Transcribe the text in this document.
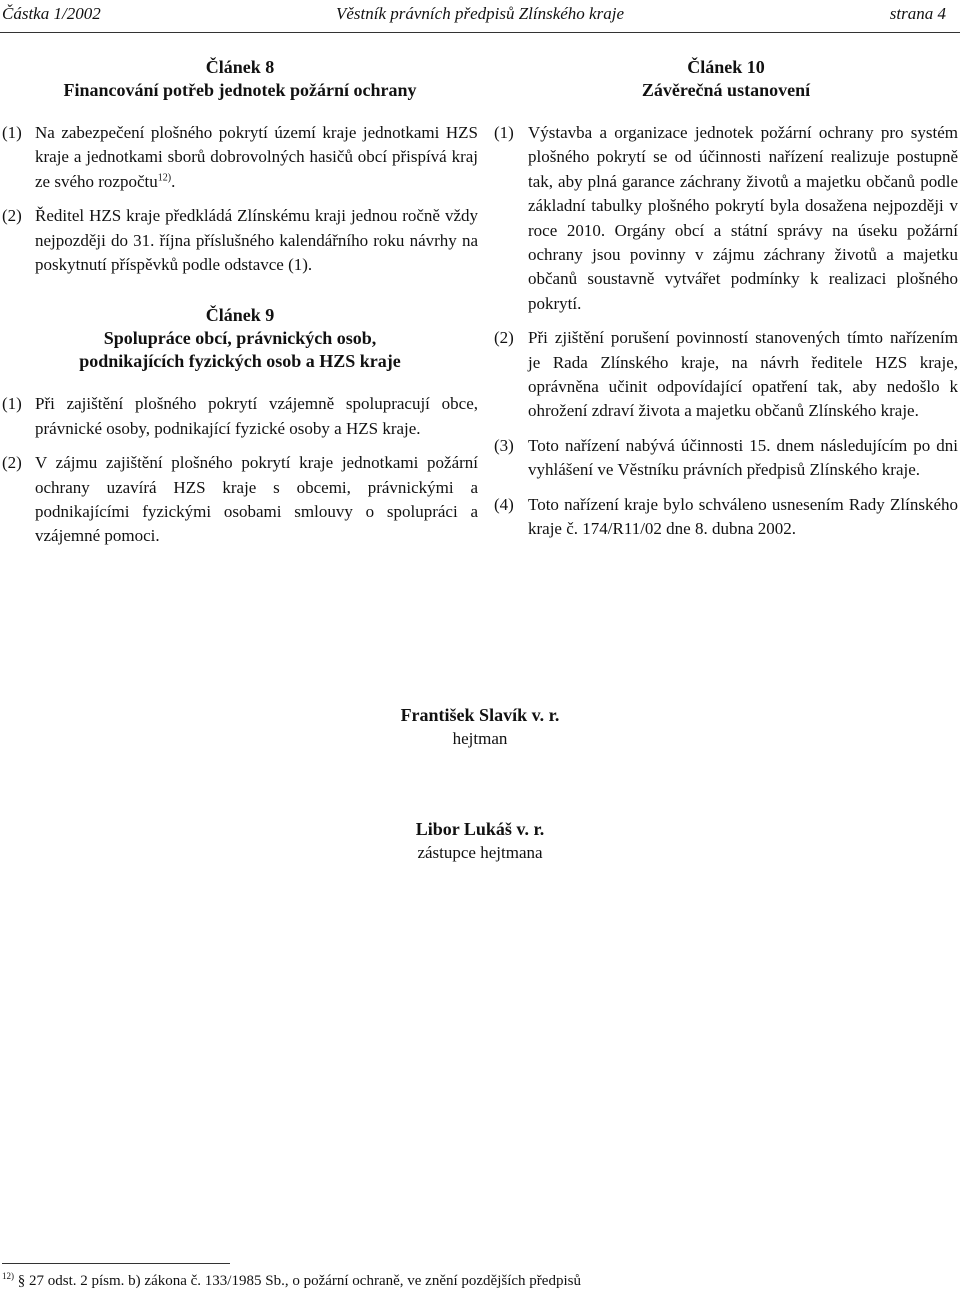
Částka 1/2002	Věstník právních předpisů Zlínského kraje	strana 4
Článek 8
Financování potřeb jednotek požární ochrany
(1) Na zabezpečení plošného pokrytí území kraje jednotkami HZS kraje a jednotkami sborů dobrovolných hasičů obcí přispívá kraj ze svého rozpočtu$^{12)}$.
(2) Ředitel HZS kraje předkládá Zlínskému kraji jednou ročně vždy nejpozději do 31. října příslušného kalendářního roku návrhy na poskytnutí příspěvků podle odstavce (1).
Článek 9
Spolupráce obcí, právnických osob, podnikajících fyzických osob a HZS kraje
(1) Při zajištění plošného pokrytí vzájemně spolupracují obce, právnické osoby, podnikající fyzické osoby a HZS kraje.
(2) V zájmu zajištění plošného pokrytí kraje jednotkami požární ochrany uzavírá HZS kraje s obcemi, právnickými a podnikajícími fyzickými osobami smlouvy o spolupráci a vzájemné pomoci.
Článek 10
Závěrečná ustanovení
(1) Výstavba a organizace jednotek požární ochrany pro systém plošného pokrytí se od účinnosti nařízení realizuje postupně tak, aby plná garance záchrany životů a majetku občanů podle základní tabulky plošného pokrytí byla dosažena nejpozději v roce 2010. Orgány obcí a státní správy na úseku požární ochrany jsou povinny v zájmu záchrany životů a majetku občanů soustavně vytvářet podmínky k realizaci plošného pokrytí.
(2) Při zjištění porušení povinností stanovených tímto nařízením je Rada Zlínského kraje, na návrh ředitele HZS kraje, oprávněna učinit odpovídající opatření tak, aby nedošlo k ohrožení zdraví života a majetku občanů Zlínského kraje.
(3) Toto nařízení nabývá účinnosti 15. dnem následujícím po dni vyhlášení ve Věstníku právních předpisů Zlínského kraje.
(4) Toto nařízení kraje bylo schváleno usnesením Rady Zlínského kraje č. 174/R11/02 dne 8. dubna 2002.
František Slavík v. r.
hejtman
Libor Lukáš v. r.
zástupce hejtmana
$^{12)}$ § 27 odst. 2 písm. b) zákona č. 133/1985 Sb., o požární ochraně, ve znění pozdějších předpisů
